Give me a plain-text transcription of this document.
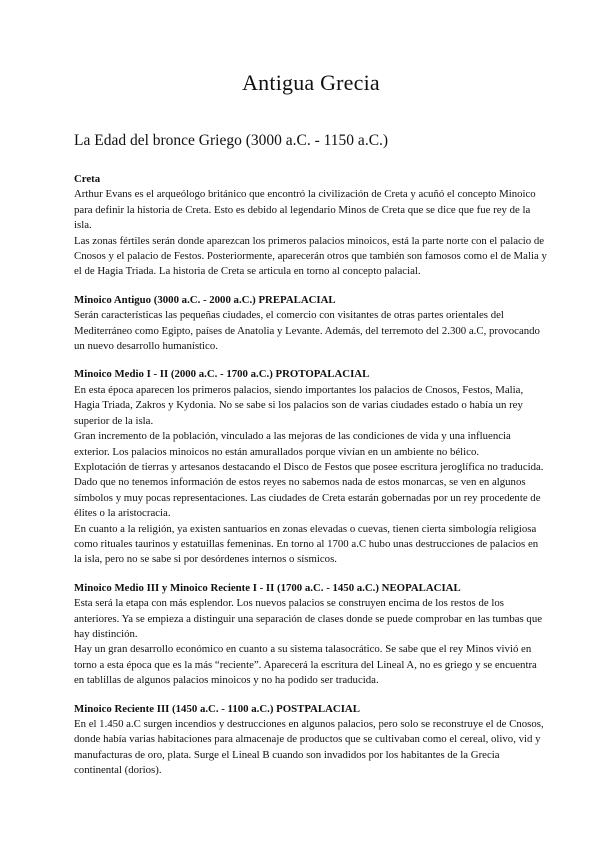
Antigua Grecia
La Edad del bronce Griego (3000 a.C. - 1150 a.C.)

Creta

Arthur Evans es el arqueólogo británico que encontró la civilización de Creta y acuñó el concepto Minoico para definir la historia de Creta. Esto es debido al legendario Minos de Creta que se dice que fue rey de la isla.

Las zonas fértiles serán donde aparezcan los primeros palacios minoicos, está la parte norte con el palacio de Cnosos y el palacio de Festos. Posteriormente, aparecerán otros que también son famosos como el de Malia y el de Hagia Triada. La historia de Creta se articula en torno al concepto palacial.

Minoico Antiguo (3000 a.C. - 2000 a.C.) PREPALACIAL

Serán características las pequeñas ciudades, el comercio con visitantes de otras partes orientales del Mediterráneo como Egipto, países de Anatolia y Levante. Además, del terremoto del 2.300 a.C, provocando un nuevo desarrollo humanístico.

Minoico Medio I - II (2000 a.C. - 1700 a.C.) PROTOPALACIAL

En esta época aparecen los primeros palacios, siendo importantes los palacios de Cnosos, Festos, Malia, Hagia Triada, Zakros y Kydonia. No se sabe si los palacios son de varias ciudades estado o había un rey superior de la isla.

Gran incremento de la población, vinculado a las mejoras de las condiciones de vida y una influencia exterior. Los palacios minoicos no están amurallados porque vivían en un ambiente no bélico.

Explotación de tierras y artesanos destacando el Disco de Festos que posee escritura jeroglífica no traducida.

Dado que no tenemos información de estos reyes no sabemos nada de estos monarcas, se ven en algunos símbolos y muy pocas representaciones. Las ciudades de Creta estarán gobernadas por un rey procedente de élites o la aristocracia.

En cuanto a la religión, ya existen santuarios en zonas elevadas o cuevas, tienen cierta simbología religiosa como rituales taurinos y estatuillas femeninas. En torno al 1700 a.C hubo unas destrucciones de palacios en la isla, pero no se sabe si por desórdenes internos o sísmicos.

Minoico Medio III y Minoico Reciente I - II (1700 a.C. - 1450 a.C.) NEOPALACIAL

Esta será la etapa con más esplendor. Los nuevos palacios se construyen encima de los restos de los anteriores. Ya se empieza a distinguir una separación de clases donde se puede comprobar en las tumbas que hay distinción.

Hay un gran desarrollo económico en cuanto a su sistema talasocrático. Se sabe que el rey Minos vivió en torno a esta época que es la más “reciente”. Aparecerá la escritura del Lineal A, no es griego y se encuentra en tablillas de algunos palacios minoicos y no ha podido ser traducida.

Minoico Reciente III (1450 a.C. - 1100 a.C.) POSTPALACIAL

En el 1.450 a.C surgen incendios y destrucciones en algunos palacios, pero solo se reconstruye el de Cnosos, donde había varias habitaciones para almacenaje de productos que se cultivaban como el cereal, olivo, vid y manufacturas de oro, plata. Surge el Lineal B cuando son invadidos por los habitantes de la Grecia continental (dorios).
